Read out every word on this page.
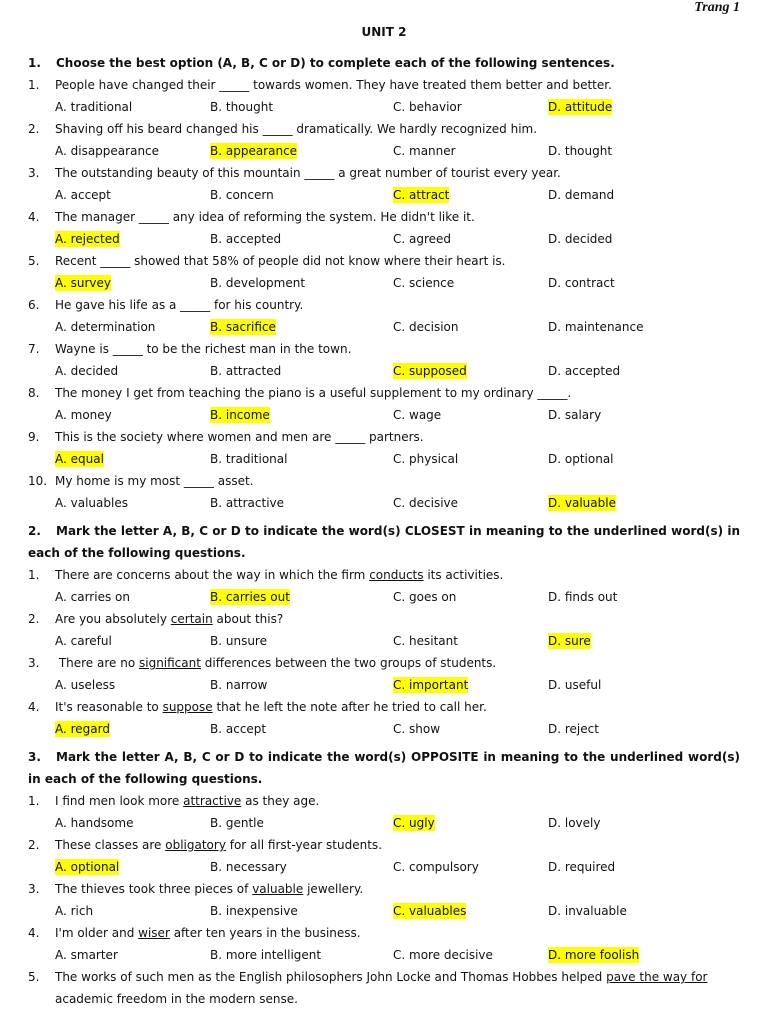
Trang 1
UNIT 2
1. Choose the best option (A, B, C or D) to complete each of the following sentences.
1.	People have changed their _____ towards women. They have treated them better and better.
A. traditional	B. thought	C. behavior	D. attitude
2.	Shaving off his beard changed his _____ dramatically. We hardly recognized him.
A. disappearance	B. appearance	C. manner	D. thought
3.	The outstanding beauty of this mountain _____ a great number of tourist every year.
A. accept	B. concern	C. attract	D. demand
4.	The manager _____ any idea of reforming the system. He didn't like it.
A. rejected	B. accepted	C. agreed	D. decided
5.	Recent _____ showed that 58% of people did not know where their heart is.
A. survey	B. development	C. science	D. contract
6.	He gave his life as a _____ for his country.
A. determination	B. sacrifice	C. decision	D. maintenance
7.	Wayne is _____ to be the richest man in the town.
A. decided	B. attracted	C. supposed	D. accepted
8.	The money I get from teaching the piano is a useful supplement to my ordinary _____.
A. money	B. income	C. wage	D. salary
9.	This is the society where women and men are _____ partners.
A. equal	B. traditional	C. physical	D. optional
10. My home is my most _____ asset.
A. valuables	B. attractive	C. decisive	D. valuable
2. Mark the letter A, B, C or D to indicate the word(s) CLOSEST in meaning to the underlined word(s) in each of the following questions.
1.	There are concerns about the way in which the firm conducts its activities.
A. carries on	B. carries out	C. goes on	D. finds out
2.	Are you absolutely certain about this?
A. careful	B. unsure	C. hesitant	D. sure
3.	There are no significant differences between the two groups of students.
A. useless	B. narrow	C. important	D. useful
4.	It's reasonable to suppose that he left the note after he tried to call her.
A. regard	B. accept	C. show	D. reject
3. Mark the letter A, B, C or D to indicate the word(s) OPPOSITE in meaning to the underlined word(s) in each of the following questions.
1.	I find men look more attractive as they age.
A. handsome	B. gentle	C. ugly	D. lovely
2.	These classes are obligatory for all first-year students.
A. optional	B. necessary	C. compulsory	D. required
3.	The thieves took three pieces of valuable jewellery.
A. rich	B. inexpensive	C. valuables	D. invaluable
4.	I'm older and wiser after ten years in the business.
A. smarter	B. more intelligent	C. more decisive	D. more foolish
5.	The works of such men as the English philosophers John Locke and Thomas Hobbes helped pave the way for
academic freedom in the modern sense.
